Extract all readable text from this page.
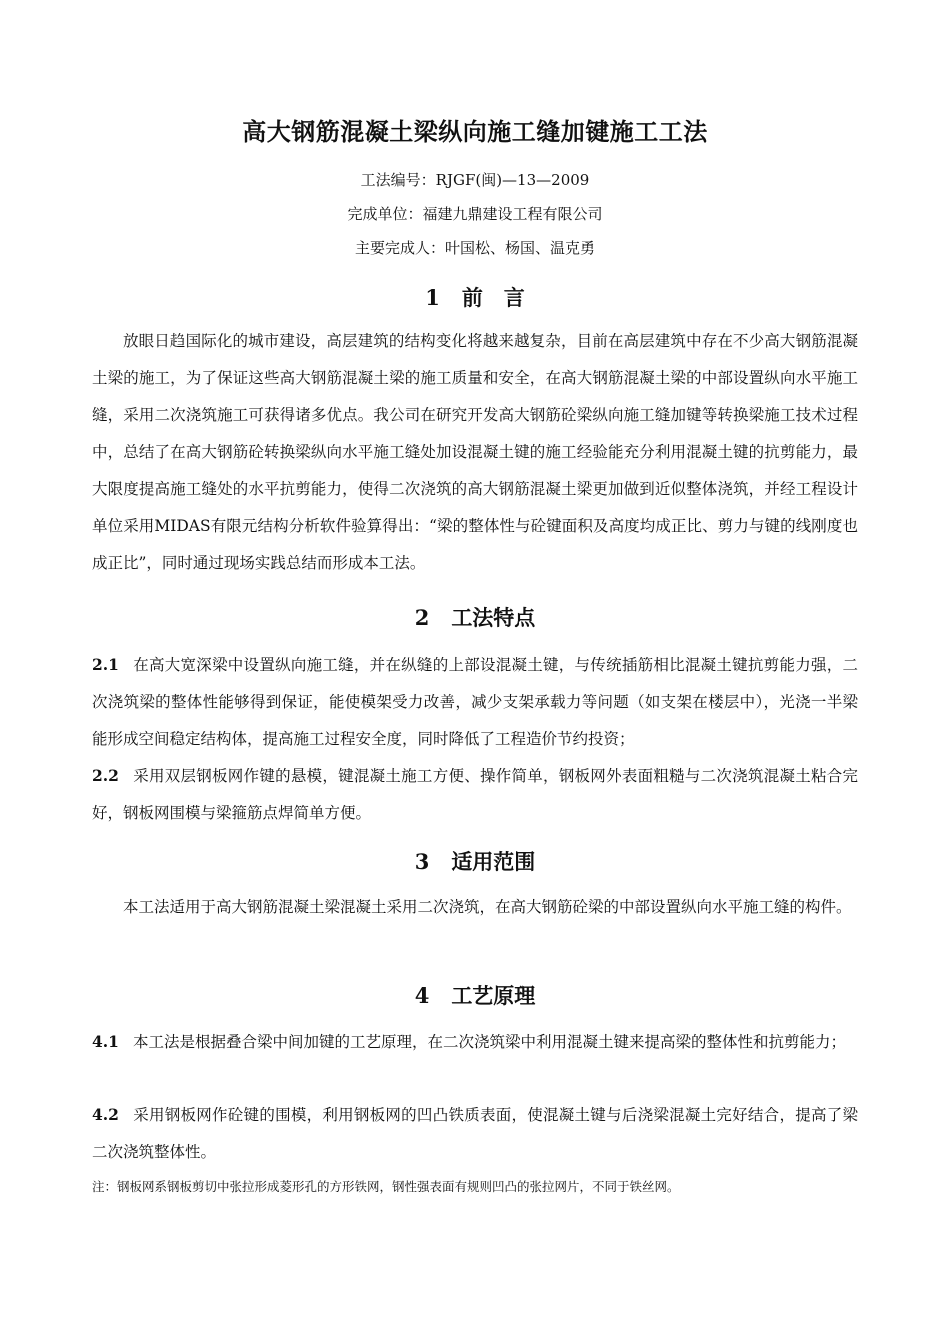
高大钢筋混凝土梁纵向施工缝加键施工工法
工法编号：RJGF(闽)—13—2009
完成单位：福建九鼎建设工程有限公司
主要完成人：叶国松、杨国、温克勇
1 前　言
放眼日趋国际化的城市建设，高层建筑的结构变化将越来越复杂，目前在高层建筑中存在不少高大钢筋混凝土梁的施工，为了保证这些高大钢筋混凝土梁的施工质量和安全，在高大钢筋混凝土梁的中部设置纵向水平施工缝，采用二次浇筑施工可获得诸多优点。我公司在研究开发高大钢筋砼梁纵向施工缝加键等转换梁施工技术过程中，总结了在高大钢筋砼转换梁纵向水平施工缝处加设混凝土键的施工经验能充分利用混凝土键的抗剪能力，最大限度提高施工缝处的水平抗剪能力，使得二次浇筑的高大钢筋混凝土梁更加做到近似整体浇筑，并经工程设计单位采用MIDAS有限元结构分析软件验算得出：“梁的整体性与砼键面积及高度均成正比、剪力与键的线刚度也成正比”，同时通过现场实践总结而形成本工法。
2 工法特点
2.1 在高大宽深梁中设置纵向施工缝，并在纵缝的上部设混凝土键，与传统插筋相比混凝土键抗剪能力强，二次浇筑梁的整体性能够得到保证，能使模架受力改善，减少支架承载力等问题（如支架在楼层中），光浇一半梁能形成空间稳定结构体，提高施工过程安全度，同时降低了工程造价节约投资；
2.2 采用双层钢板网作键的悬模，键混凝土施工方便、操作简单，钢板网外表面粗糙与二次浇筑混凝土粘合完好，钢板网围模与梁箍筋点焊简单方便。
3 适用范围
本工法适用于高大钢筋混凝土梁混凝土采用二次浇筑，在高大钢筋砼梁的中部设置纵向水平施工缝的构件。
4 工艺原理
4.1 本工法是根据叠合梁中间加键的工艺原理，在二次浇筑梁中利用混凝土键来提高梁的整体性和抗剪能力；
4.2 采用钢板网作砼键的围模，利用钢板网的凹凸铁质表面，使混凝土键与后浇梁混凝土完好结合，提高了梁二次浇筑整体性。
注：钢板网系钢板剪切中张拉形成菱形孔的方形铁网，钢性强表面有规则凹凸的张拉网片，不同于铁丝网。
